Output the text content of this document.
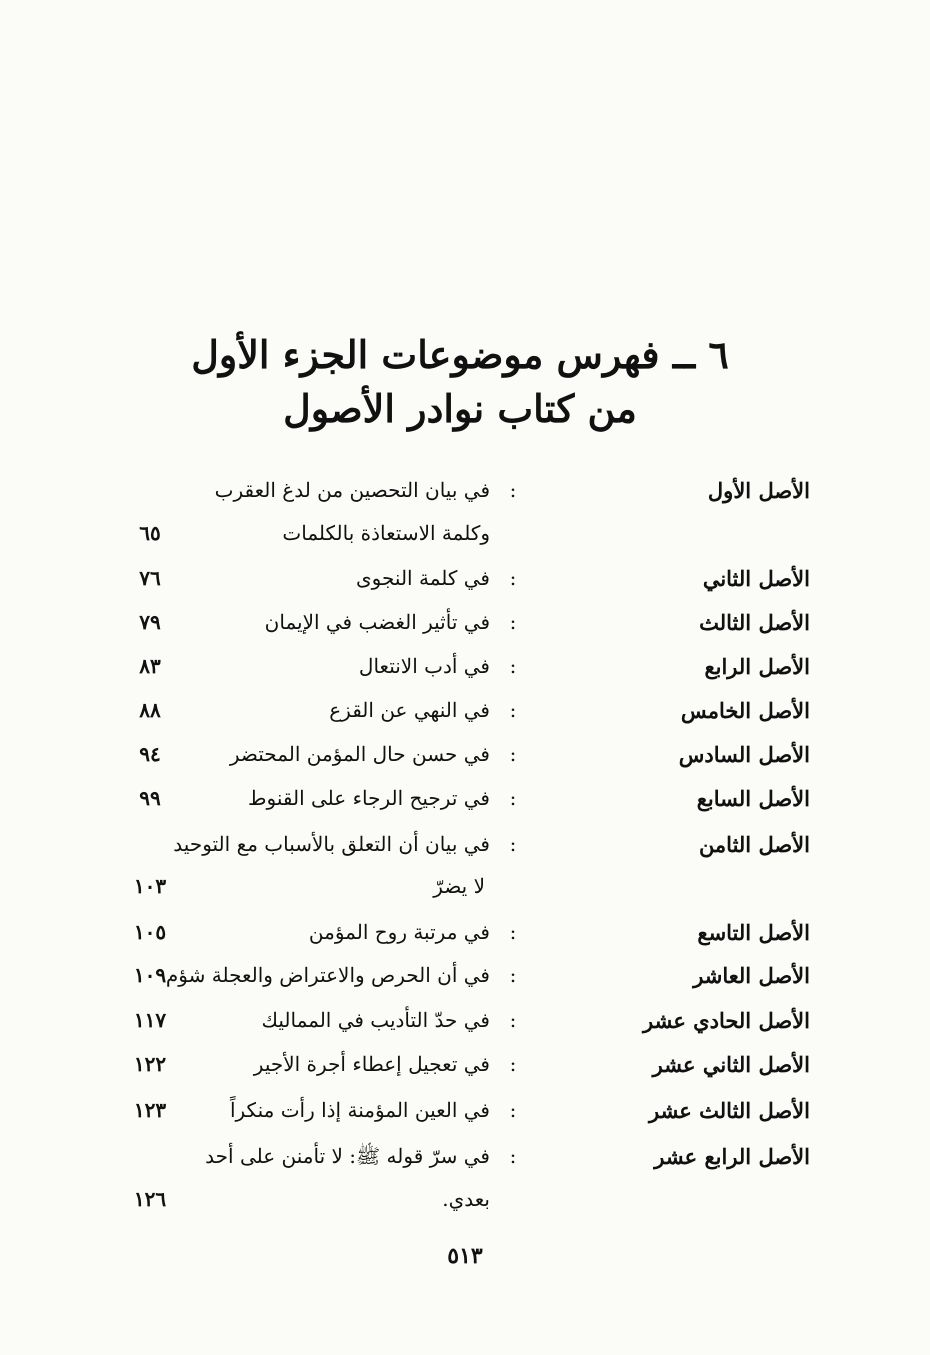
٦ ــ فهرس موضوعات الجزء الأول
من كتاب نوادر الأصول
الأصل الأول
:
في بيان التحصين من لدغ العقرب
وكلمة الاستعاذة بالكلمات
٦٥
الأصل الثاني
:
في كلمة النجوى
٧٦
الأصل الثالث
:
في تأثير الغضب في الإيمان
٧٩
الأصل الرابع
:
في أدب الانتعال
٨٣
الأصل الخامس
:
في النهي عن القزع
٨٨
الأصل السادس
:
في حسن حال المؤمن المحتضر
٩٤
الأصل السابع
:
في ترجيح الرجاء على القنوط
٩٩
الأصل الثامن
:
في بيان أن التعلق بالأسباب مع التوحيد
لا يضرّ
١٠٣
الأصل التاسع
:
في مرتبة روح المؤمن
١٠٥
الأصل العاشر
:
في أن الحرص والاعتراض والعجلة شؤم
١٠٩
الأصل الحادي عشر
:
في حدّ التأديب في المماليك
١١٧
الأصل الثاني عشر
:
في تعجيل إعطاء أجرة الأجير
١٢٢
الأصل الثالث عشر
:
في العين المؤمنة إذا رأت منكراً
١٢٣
الأصل الرابع عشر
:
في سرّ قوله ﷺ: لا تأمنن على أحد
بعدي.
١٢٦
٥١٣
